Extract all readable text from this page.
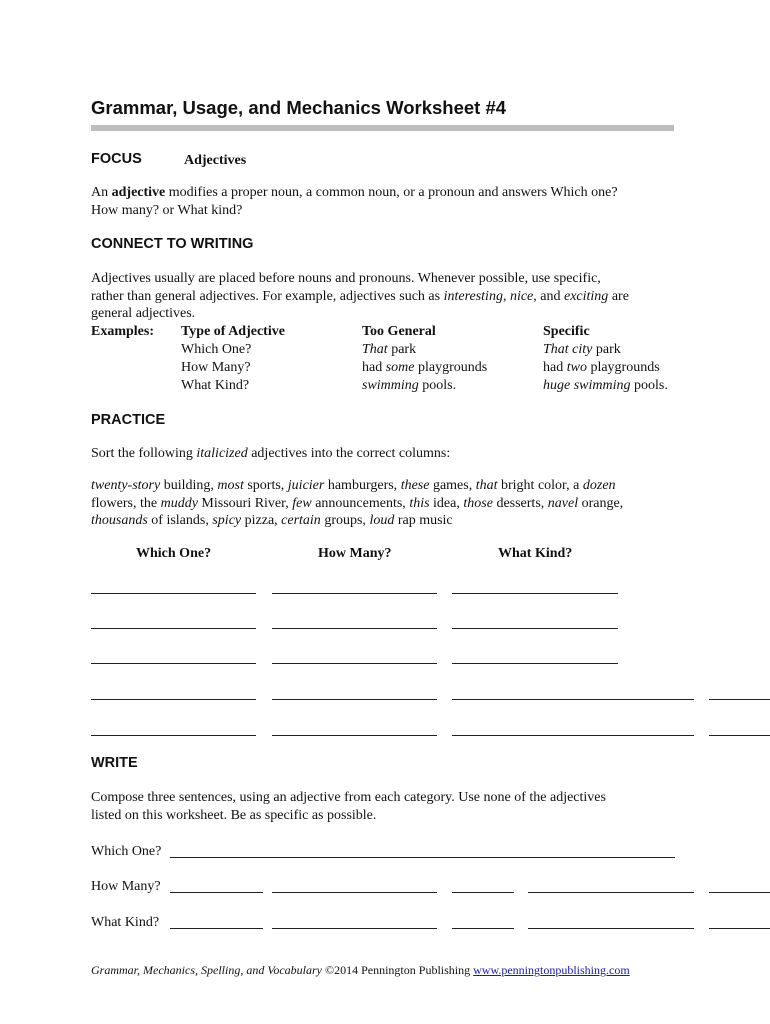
Grammar, Usage, and Mechanics Worksheet #4
FOCUS	Adjectives
An adjective modifies a proper noun, a common noun, or a pronoun and answers Which one?
How many? or What kind?
CONNECT TO WRITING
Adjectives usually are placed before nouns and pronouns. Whenever possible, use specific,
rather than general adjectives. For example, adjectives such as interesting, nice, and exciting are
general adjectives.
Examples: Type of Adjective	Too General	Specific
Which One?	That park	That city park
How Many?	had some playgrounds	had two playgrounds
What Kind?	swimming pools.	huge swimming pools.
PRACTICE
Sort the following italicized adjectives into the correct columns:
twenty-story building, most sports, juicier hamburgers, these games, that bright color, a dozen
flowers, the muddy Missouri River, few announcements, this idea, those desserts, navel orange,
thousands of islands, spicy pizza, certain groups, loud rap music
Which One?	How Many?	What Kind?
WRITE
Compose three sentences, using an adjective from each category. Use none of the adjectives
listed on this worksheet. Be as specific as possible.
Which One?
How Many?
What Kind?
Grammar, Mechanics, Spelling, and Vocabulary ©2014 Pennington Publishing www.penningtonpublishing.com
